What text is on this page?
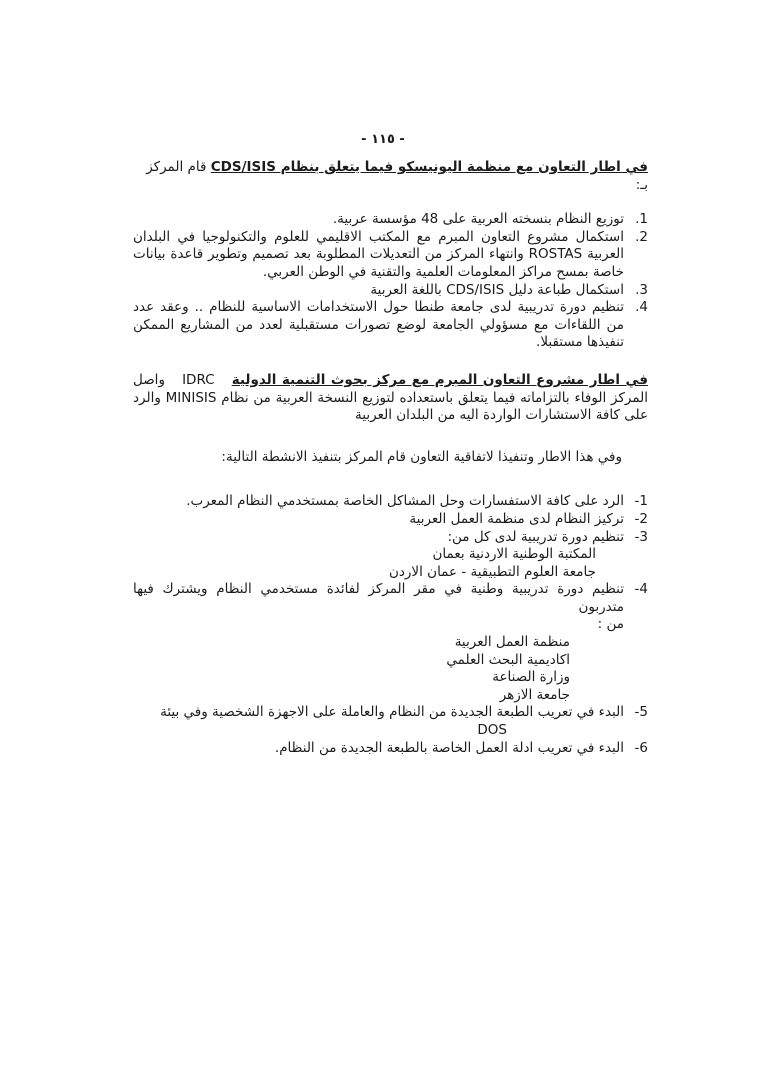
- ١١٥ -

في اطار التعاون مع منظمة اليونيسكو فيما يتعلق بنظام CDS/ISIS قام المركز بـ:

1.
توزيع النظام بنسخته العربية على 48 مؤسسة عربية.
2.
استكمال مشروع التعاون المبرم مع المكتب الاقليمي للعلوم والتكنولوجيا في البلدان العربية ROSTAS وانتهاء المركز من التعديلات المطلوبة بعد تصميم وتطوير قاعدة بيانات خاصة بمسح مراكز المعلومات العلمية والتقنية في الوطن العربي.
3.
استكمال طباعة دليل CDS/ISIS باللغة العربية
4.
تنظيم دورة تدريبية لدى جامعة طنطا حول الاستخدامات الاساسية للنظام .. وعقد عدد من اللقاءات مع مسؤولي الجامعة لوضع تصورات مستقبلية لعدد من المشاريع الممكن تنفيذها مستقبلا.

في اطار مشروع التعاون المبرم مع مركز بحوث التنمية الدولية IDRC واصل المركز الوفاء بالتزاماته فيما يتعلق باستعداده لتوزيع النسخة العربية من نظام MINISIS والرد على كافة الاستشارات الواردة اليه من البلدان العربية

وفي هذا الاطار وتنفيذا لاتفاقية التعاون قام المركز بتنفيذ الانشطة التالية:

1-
الرد على كافة الاستفسارات وحل المشاكل الخاصة بمستخدمي النظام المعرب.
2-
تركيز النظام لدى منظمة العمل العربية
3-
تنظيم دورة تدريبية لدى كل من:
المكتبة الوطنية الاردنية بعمان
جامعة العلوم التطبيقية - عمان الاردن
4-
تنظيم دورة تدريبية وطنية في مقر المركز لفائدة مستخدمي النظام ويشترك فيها متدربون
من :
منظمة العمل العربية
اكاديمية البحث العلمي
وزارة الصناعة
جامعة الازهر
5-
البدء في تعريب الطبعة الجديدة من النظام والعاملة على الاجهزة الشخصية وفي بيئة
DOS
6-
البدء في تعريب ادلة العمل الخاصة بالطبعة الجديدة من النظام.
